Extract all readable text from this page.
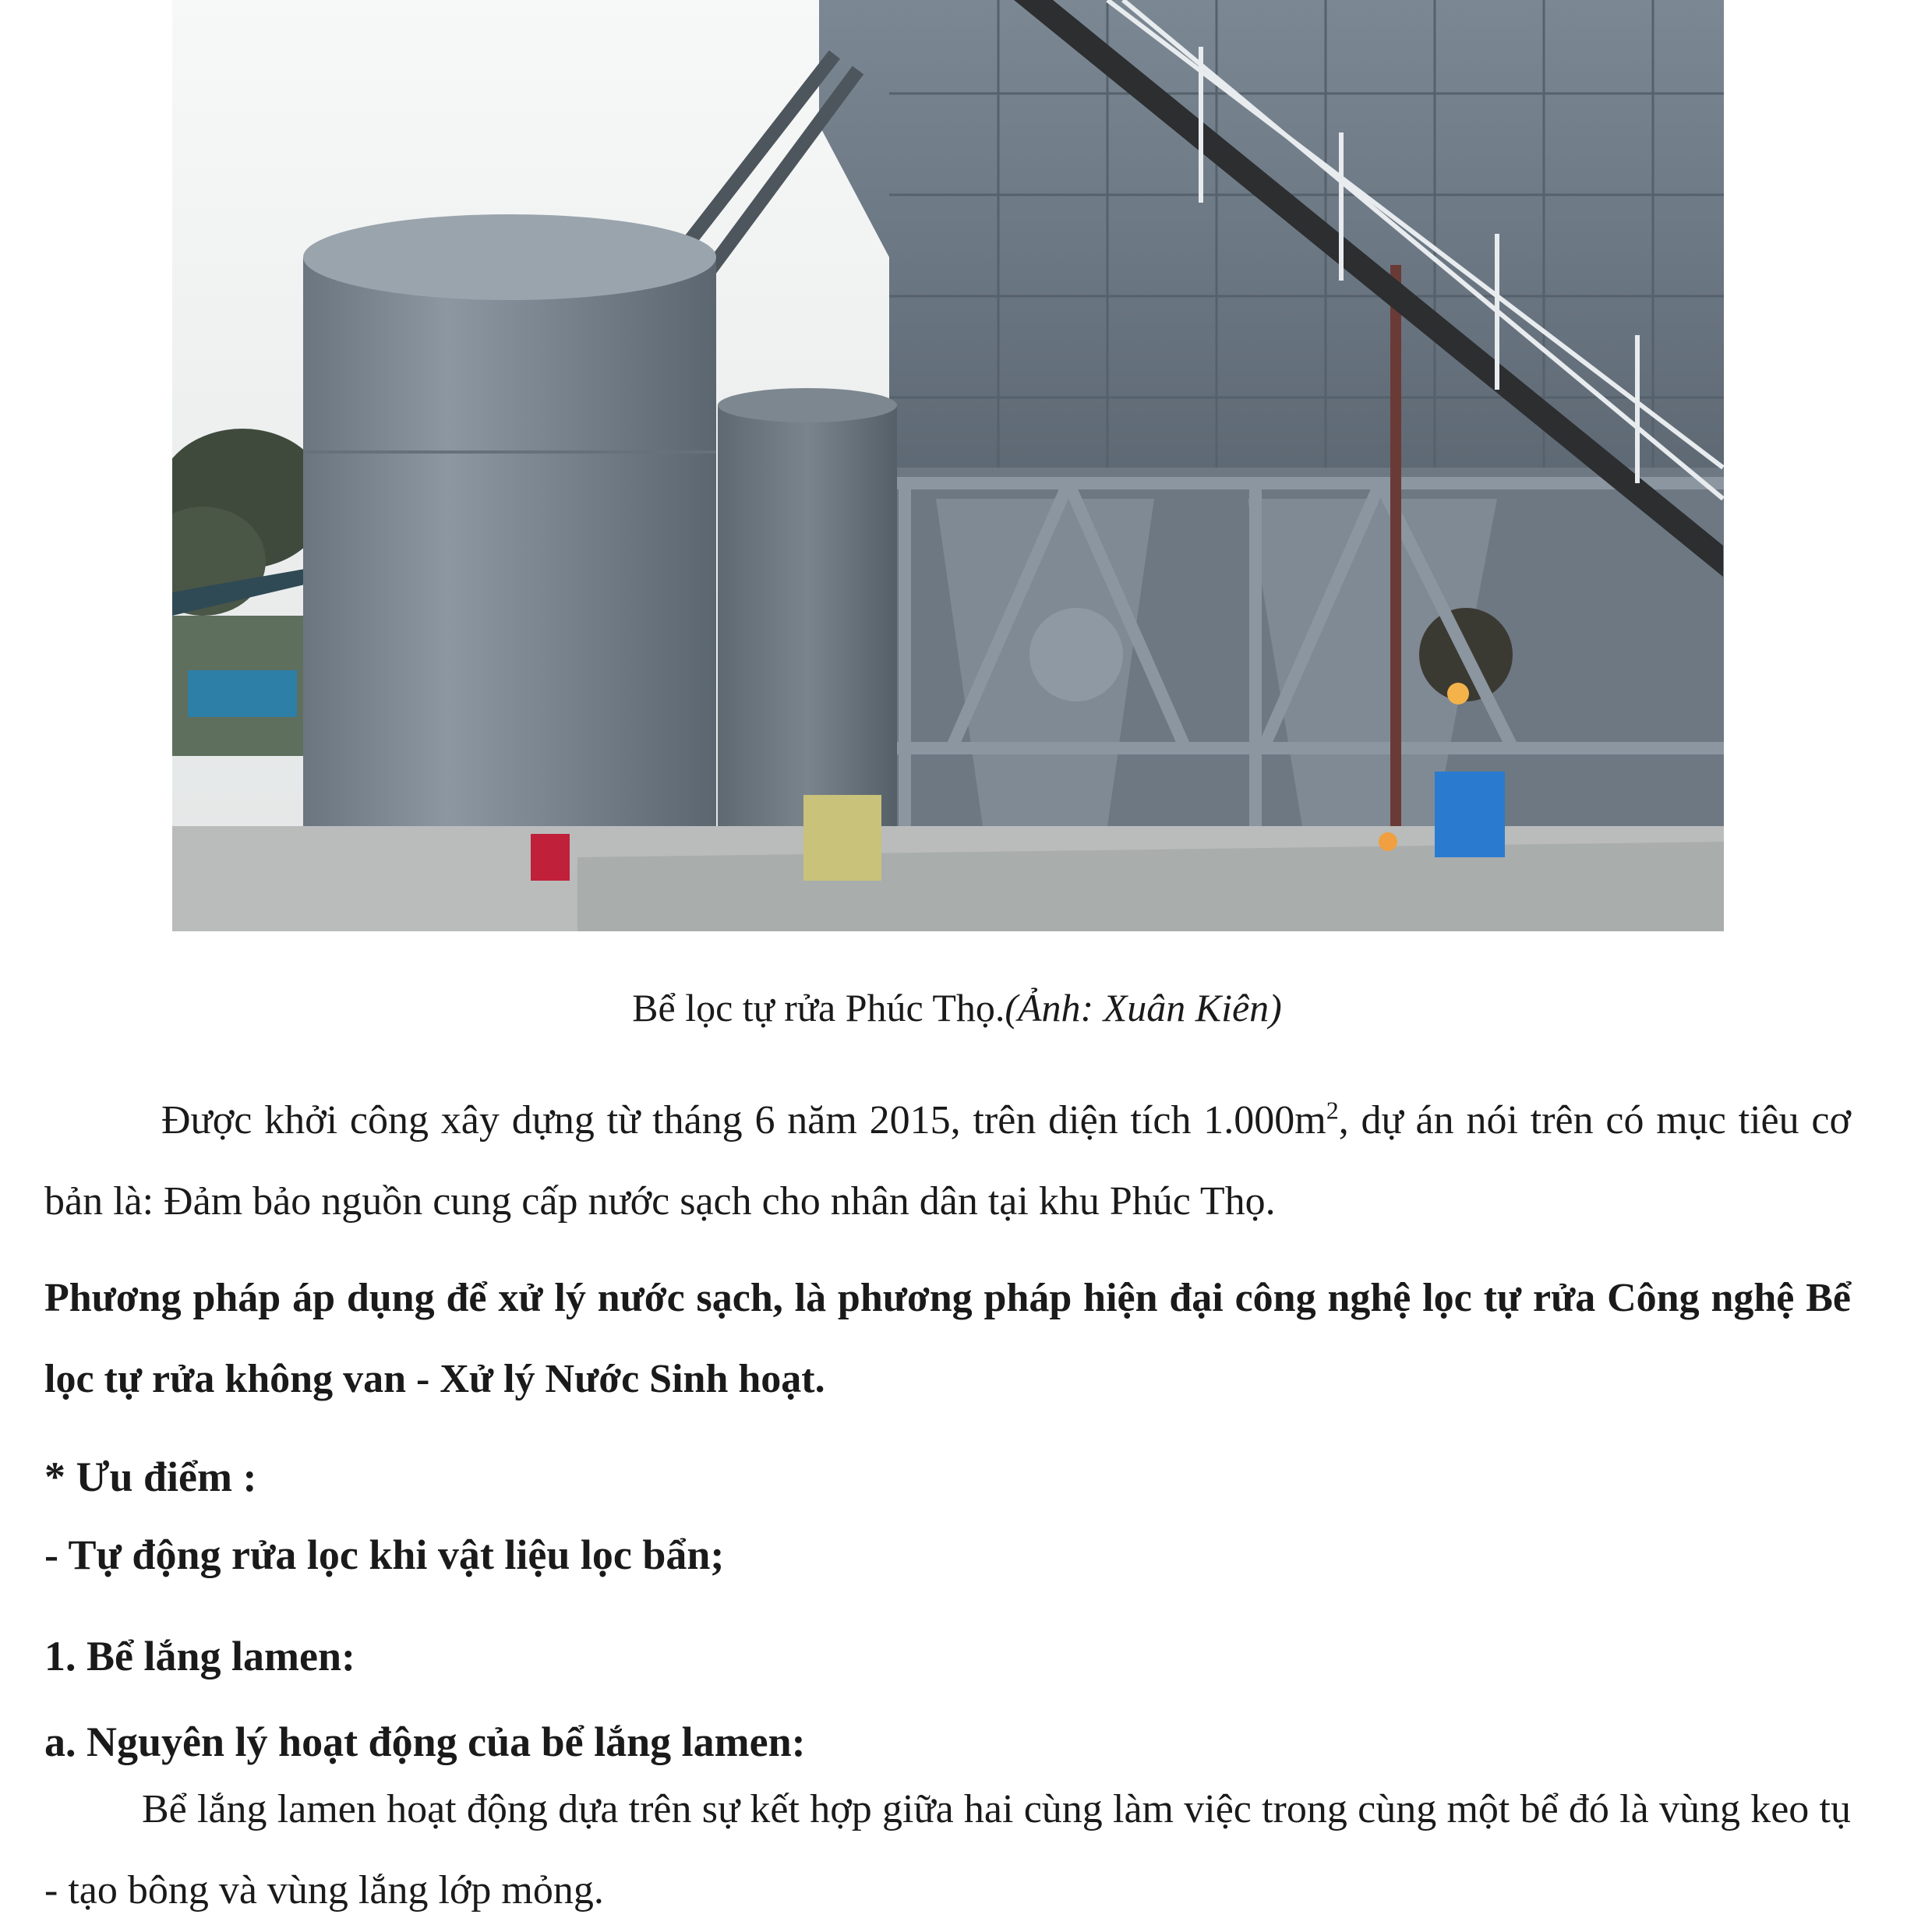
Bể lọc tự rửa Phúc Thọ.(Ảnh: Xuân Kiên)
Được khởi công xây dựng từ tháng 6 năm 2015, trên diện tích $1.000m^2$, dự án nói trên có mục tiêu cơ bản là: Đảm bảo nguồn cung cấp nước sạch cho nhân dân tại khu Phúc Thọ.
Phương pháp áp dụng để xử lý nước sạch, là phương pháp hiện đại công nghệ lọc tự rửa Công nghệ Bể lọc tự rửa không van - Xử lý Nước Sinh hoạt.
* Ưu điểm :
- Tự động rửa lọc khi vật liệu lọc bẩn;
1. Bể lắng lamen:
a. Nguyên lý hoạt động của bể lắng lamen:
Bể lắng lamen hoạt động dựa trên sự kết hợp giữa hai cùng làm việc trong cùng một bể đó là vùng keo tụ - tạo bông và vùng lắng lớp mỏng.
